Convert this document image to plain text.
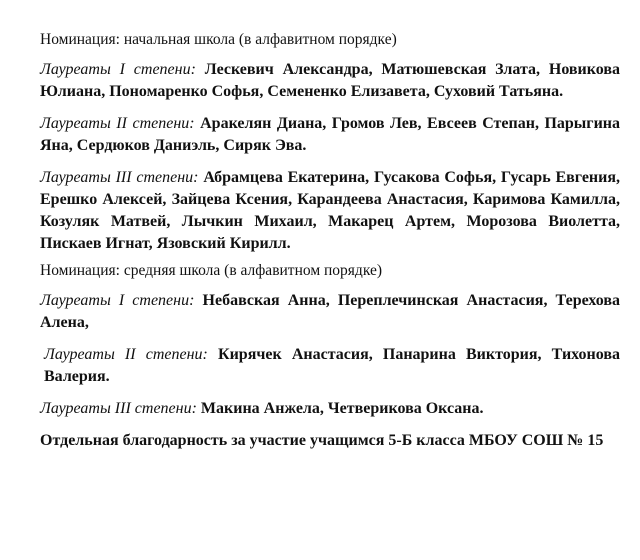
Номинация: начальная школа (в алфавитном порядке)
Лауреаты I степени: Лескевич Александра, Матюшевская Злата, Новикова Юлиана, Пономаренко Софья, Семененко Елизавета, Суховий Татьяна.
Лауреаты II степени: Аракелян Диана, Громов Лев, Евсеев Степан, Парыгина Яна, Сердюков Даниэль, Сиряк Эва.
Лауреаты III степени: Абрамцева Екатерина, Гусакова Софья, Гусарь Евгения, Ерешко Алексей, Зайцева Ксения, Карандеева Анастасия, Каримова Камилла, Козуляк Матвей, Лычкин Михаил, Макарец Артем, Морозова Виолетта, Пискаев Игнат, Язовский Кирилл.
Номинация: средняя школа (в алфавитном порядке)
Лауреаты I степени: Небавская Анна, Переплечинская Анастасия, Терехова Алена,
Лауреаты II степени: Кирячек Анастасия, Панарина Виктория, Тихонова Валерия.
Лауреаты III степени: Макина Анжела, Четверикова Оксана.
Отдельная благодарность за участие учащимся 5-Б класса МБОУ СОШ № 15
